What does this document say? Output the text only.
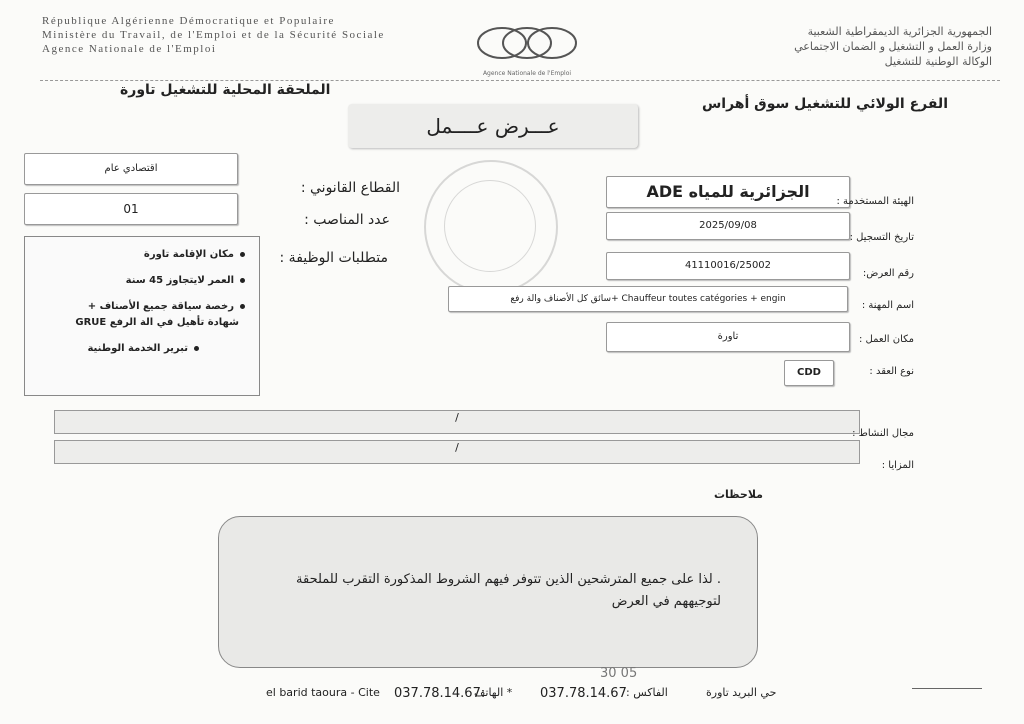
République Algérienne Démocratique et Populaire
Ministère du Travail, de l'Emploi et de la Sécurité Sociale
Agence Nationale de l'Emploi
Agence Nationale de l'Emploi
الجمهورية الجزائرية الديمقراطية الشعبية
وزارة العمل و التشغيل و الضمان الاجتماعي
الوكالة الوطنية للتشغيل
الملحقة المحلية للتشغيل تاورة
الفرع الولائي للتشغيل سوق أهراس
عـــرض عــــمل
اقتصادي عام
القطاع القانوني :
01
عدد المناصب :
متطلبات الوظيفة :
مكان الإقامة تاورة
العمر لايتجاوز 45 سنة
رخصة سياقة جميع الأصناف +
شهادة تأهيل في الة الرفع GRUE
تبرير الخدمة الوطنية
الجزائرية للمياه ADE
الهيئة المستخدمة :
2025/09/08
تاريخ التسجيل :
41110016/25002
رقم العرض:
Chauffeur toutes catégories + engin +سائق كل الأصناف والة رفع
اسم المهنة :
تاورة	مكان العمل :
CDD	نوع العقد :
/
مجال النشاط :
/
المزايا :
ملاحظات
. لذا على جميع المترشحين الذين تتوفر فيهم الشروط المذكورة التقرب للملحقة لتوجيههم في العرض
30 05
el barid taoura - Cite 037.78.14.67:
* الهاتف 037.78.14.67 الفاكس :	حي البريد تاورة
